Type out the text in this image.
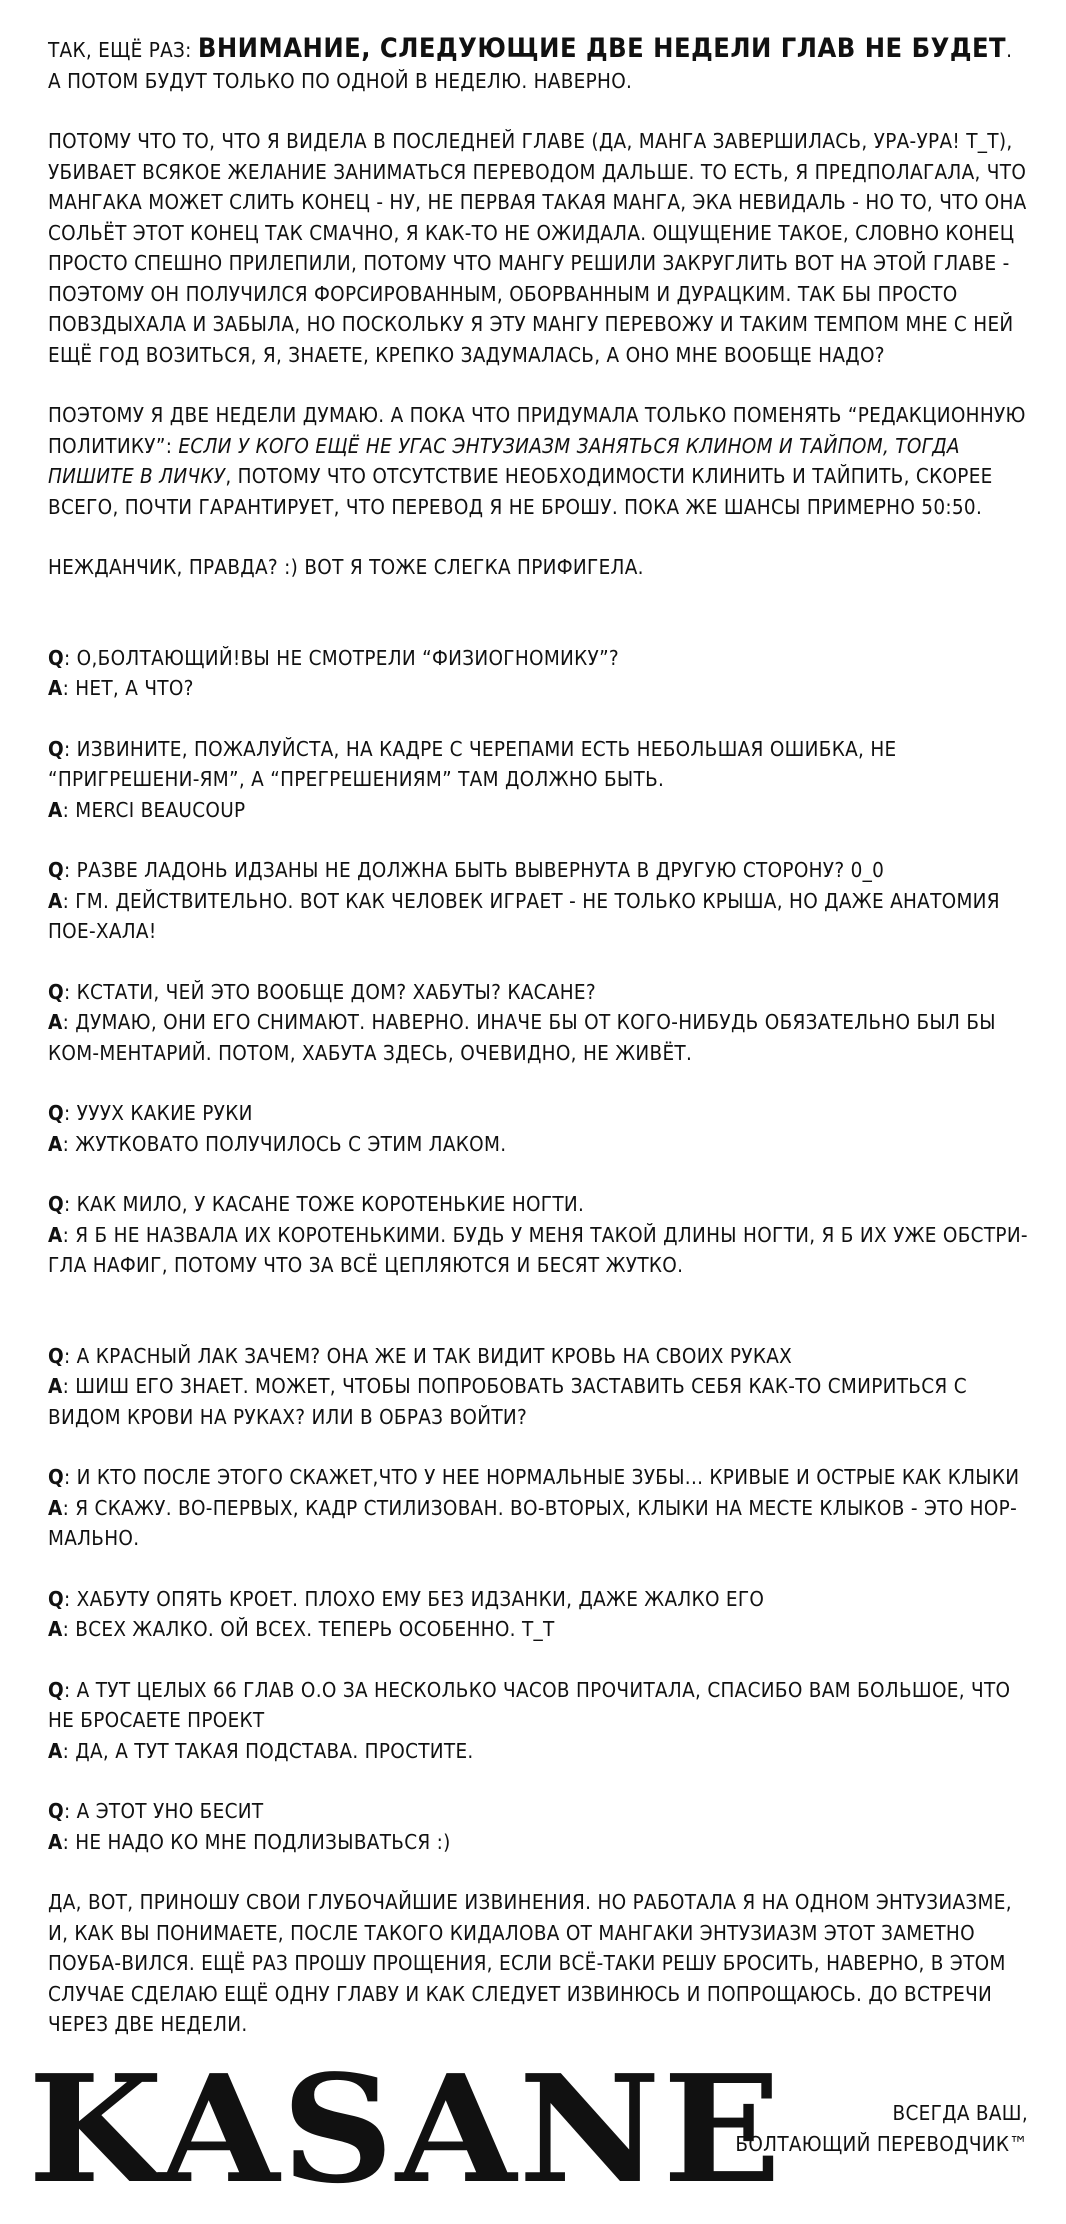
ТАК, ЕЩЁ РАЗ: ВНИМАНИЕ, СЛЕДУЮЩИЕ ДВЕ НЕДЕЛИ ГЛАВ НЕ БУДЕТ.

А ПОТОМ БУДУТ ТОЛЬКО ПО ОДНОЙ В НЕДЕЛЮ. НАВЕРНО.

ПОТОМУ ЧТО ТО, ЧТО Я ВИДЕЛА В ПОСЛЕДНЕЙ ГЛАВЕ (ДА, МАНГА ЗАВЕРШИЛАСЬ, УРА-УРА! T_T), УБИВАЕТ ВСЯКОЕ ЖЕЛАНИЕ ЗАНИМАТЬСЯ ПЕРЕВОДОМ ДАЛЬШЕ. ТО ЕСТЬ, Я ПРЕДПОЛАГАЛА, ЧТО МАНГАКА МОЖЕТ СЛИТЬ КОНЕЦ - НУ, НЕ ПЕРВАЯ ТАКАЯ МАНГА, ЭКА НЕВИДАЛЬ - НО ТО, ЧТО ОНА СОЛЬЁТ ЭТОТ КОНЕЦ ТАК СМАЧНО, Я КАК-ТО НЕ ОЖИДАЛА. ОЩУЩЕНИЕ ТАКОЕ, СЛОВНО КОНЕЦ ПРОСТО СПЕШНО ПРИЛЕПИЛИ, ПОТОМУ ЧТО МАНГУ РЕШИЛИ ЗАКРУГЛИТЬ ВОТ НА ЭТОЙ ГЛАВЕ - ПОЭТОМУ ОН ПОЛУЧИЛСЯ ФОРСИРОВАННЫМ, ОБОРВАННЫМ И ДУРАЦКИМ. ТАК БЫ ПРОСТО ПОВЗДЫХАЛА И ЗАБЫЛА, НО ПОСКОЛЬКУ Я ЭТУ МАНГУ ПЕРЕВОЖУ И ТАКИМ ТЕМПОМ МНЕ С НЕЙ ЕЩЁ ГОД ВОЗИТЬСЯ, Я, ЗНАЕТЕ, КРЕПКО ЗАДУМАЛАСЬ, А ОНО МНЕ ВООБЩЕ НАДО?

ПОЭТОМУ Я ДВЕ НЕДЕЛИ ДУМАЮ. А ПОКА ЧТО ПРИДУМАЛА ТОЛЬКО ПОМЕНЯТЬ “РЕДАКЦИОННУЮ ПОЛИТИКУ”: ЕСЛИ У КОГО ЕЩЁ НЕ УГАС ЭНТУЗИАЗМ ЗАНЯТЬСЯ КЛИНОМ И ТАЙПОМ, ТОГДА ПИШИТЕ В ЛИЧКУ, ПОТОМУ ЧТО ОТСУТСТВИЕ НЕОБХОДИМОСТИ КЛИНИТЬ И ТАЙПИТЬ, СКОРЕЕ ВСЕГО, ПОЧТИ ГАРАНТИРУЕТ, ЧТО ПЕРЕВОД Я НЕ БРОШУ. ПОКА ЖЕ ШАНСЫ ПРИМЕРНО 50:50.

НЕЖДАНЧИК, ПРАВДА? :) ВОТ Я ТОЖЕ СЛЕГКА ПРИФИГЕЛА.

Q: О,БОЛТАЮЩИЙ!ВЫ НЕ СМОТРЕЛИ “ФИЗИОГНОМИКУ”?

A: НЕТ, А ЧТО?

Q: ИЗВИНИТЕ, ПОЖАЛУЙСТА, НА КАДРЕ С ЧЕРЕПАМИ ЕСТЬ НЕБОЛЬШАЯ ОШИБКА, НЕ “ПРИГРЕШЕНИ-ЯМ”, А “ПРЕГРЕШЕНИЯМ” ТАМ ДОЛЖНО БЫТЬ.

A: MERCI BEAUCOUP

Q: РАЗВЕ ЛАДОНЬ ИДЗАНЫ НЕ ДОЛЖНА БЫТЬ ВЫВЕРНУТА В ДРУГУЮ СТОРОНУ? 0_0

A: ГМ. ДЕЙСТВИТЕЛЬНО. ВОТ КАК ЧЕЛОВЕК ИГРАЕТ - НЕ ТОЛЬКО КРЫША, НО ДАЖЕ АНАТОМИЯ ПОЕ-ХАЛА!

Q: КСТАТИ, ЧЕЙ ЭТО ВООБЩЕ ДОМ? ХАБУТЫ? КАСАНЕ?

A: ДУМАЮ, ОНИ ЕГО СНИМАЮТ. НАВЕРНО. ИНАЧЕ БЫ ОТ КОГО-НИБУДЬ ОБЯЗАТЕЛЬНО БЫЛ БЫ КОМ-МЕНТАРИЙ. ПОТОМ, ХАБУТА ЗДЕСЬ, ОЧЕВИДНО, НЕ ЖИВЁТ.

Q: УУУХ КАКИЕ РУКИ

A: ЖУТКОВАТО ПОЛУЧИЛОСЬ С ЭТИМ ЛАКОМ.

Q: КАК МИЛО, У КАСАНЕ ТОЖЕ КОРОТЕНЬКИЕ НОГТИ.

A: Я Б НЕ НАЗВАЛА ИХ КОРОТЕНЬКИМИ. БУДЬ У МЕНЯ ТАКОЙ ДЛИНЫ НОГТИ, Я Б ИХ УЖЕ ОБСТРИ-ГЛА НАФИГ, ПОТОМУ ЧТО ЗА ВСЁ ЦЕПЛЯЮТСЯ И БЕСЯТ ЖУТКО.

Q: А КРАСНЫЙ ЛАК ЗАЧЕМ? ОНА ЖЕ И ТАК ВИДИТ КРОВЬ НА СВОИХ РУКАХ

A: ШИШ ЕГО ЗНАЕТ. МОЖЕТ, ЧТОБЫ ПОПРОБОВАТЬ ЗАСТАВИТЬ СЕБЯ КАК-ТО СМИРИТЬСЯ С ВИДОМ КРОВИ НА РУКАХ? ИЛИ В ОБРАЗ ВОЙТИ?

Q: И КТО ПОСЛЕ ЭТОГО СКАЖЕТ,ЧТО У НЕЕ НОРМАЛЬНЫЕ ЗУБЫ... КРИВЫЕ И ОСТРЫЕ КАК КЛЫКИ

A: Я СКАЖУ. ВО-ПЕРВЫХ, КАДР СТИЛИЗОВАН. ВО-ВТОРЫХ, КЛЫКИ НА МЕСТЕ КЛЫКОВ - ЭТО НОР-МАЛЬНО.

Q: ХАБУТУ ОПЯТЬ КРОЕТ. ПЛОХО ЕМУ БЕЗ ИДЗАНКИ, ДАЖЕ ЖАЛКО ЕГО

A: ВСЕХ ЖАЛКО. ОЙ ВСЕХ. ТЕПЕРЬ ОСОБЕННО. T_T

Q: А ТУТ ЦЕЛЫХ 66 ГЛАВ О.О ЗА НЕСКОЛЬКО ЧАСОВ ПРОЧИТАЛА, СПАСИБО ВАМ БОЛЬШОЕ, ЧТО НЕ БРОСАЕТЕ ПРОЕКТ

A: ДА, А ТУТ ТАКАЯ ПОДСТАВА. ПРОСТИТЕ.

Q: А ЭТОТ УНО БЕСИТ

A: НЕ НАДО КО МНЕ ПОДЛИЗЫВАТЬСЯ :)

ДА, ВОТ, ПРИНОШУ СВОИ ГЛУБОЧАЙШИЕ ИЗВИНЕНИЯ. НО РАБОТАЛА Я НА ОДНОМ ЭНТУЗИАЗМЕ, И, КАК ВЫ ПОНИМАЕТЕ, ПОСЛЕ ТАКОГО КИДАЛОВА ОТ МАНГАКИ ЭНТУЗИАЗМ ЭТОТ ЗАМЕТНО ПОУБА-ВИЛСЯ. ЕЩЁ РАЗ ПРОШУ ПРОЩЕНИЯ, ЕСЛИ ВСЁ-ТАКИ РЕШУ БРОСИТЬ, НАВЕРНО, В ЭТОМ СЛУЧАЕ СДЕЛАЮ ЕЩЁ ОДНУ ГЛАВУ И КАК СЛЕДУЕТ ИЗВИНЮСЬ И ПОПРОЩАЮСЬ. ДО ВСТРЕЧИ ЧЕРЕЗ ДВЕ НЕДЕЛИ.

KASANE	ВСЕГДА ВАШ,
БОЛТАЮЩИЙ ПЕРЕВОДЧИК™
